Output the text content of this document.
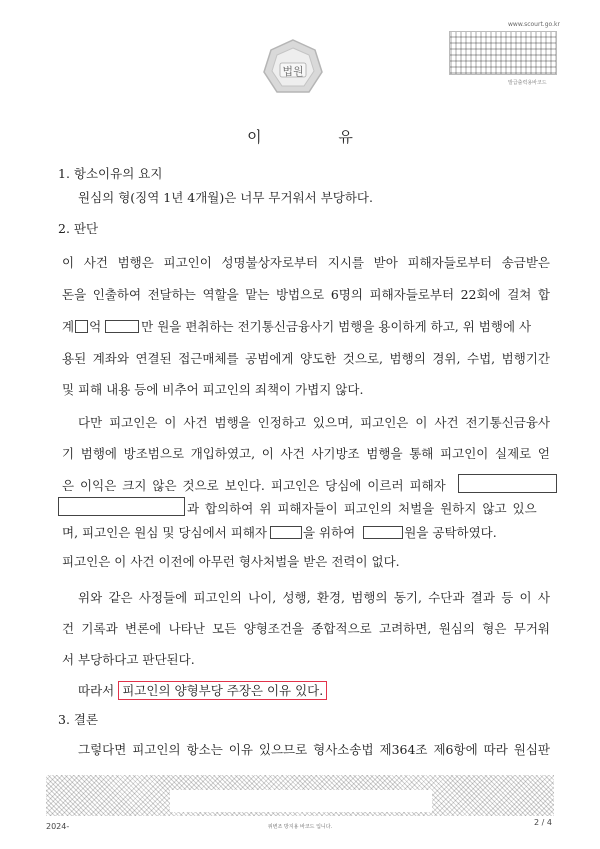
www.scourt.go.kr
법원
발급출력용바코드
이 유
1. 항소이유의 요지
원심의 형(징역 1년 4개월)은 너무 무거워서 부당하다.
2. 판단
이 사건 범행은 피고인이 성명불상자로부터 지시를 받아 피해자들로부터 송금받은
돈을 인출하여 전달하는 역할을 맡는 방법으로 6명의 피해자들로부터 22회에 걸쳐 합
계 억	만 원을 편취하는 전기통신금융사기 범행을 용이하게 하고, 위 범행에 사
용된 계좌와 연결된 접근매체를 공범에게 양도한 것으로, 범행의 경위, 수법, 범행기간
및 피해 내용 등에 비추어 피고인의 죄책이 가볍지 않다.
다만 피고인은 이 사건 범행을 인정하고 있으며, 피고인은 이 사건 전기통신금융사
기 범행에 방조범으로 개입하였고, 이 사건 사기방조 범행을 통해 피고인이 실제로 얻
은 이익은 크지 않은 것으로 보인다. 피고인은 당심에 이르러 피해자
과 합의하여 위 피해자들이 피고인의 처벌을 원하지 않고 있으
며, 피고인은 원심 및 당심에서 피해자	을 위하여	원을 공탁하였다.
피고인은 이 사건 이전에 아무런 형사처벌을 받은 전력이 없다.
위와 같은 사정들에 피고인의 나이, 성행, 환경, 범행의 동기, 수단과 결과 등 이 사
건 기록과 변론에 나타난 모든 양형조건을 종합적으로 고려하면, 원심의 형은 무거워
서 부당하다고 판단된다.
따라서 피고인의 양형부당 주장은 이유 있다.
3. 결론
그렇다면 피고인의 항소는 이유 있으므로 형사소송법 제364조 제6항에 따라 원심판
2024-	위변조 방지용 바코드 입니다.	2 / 4
